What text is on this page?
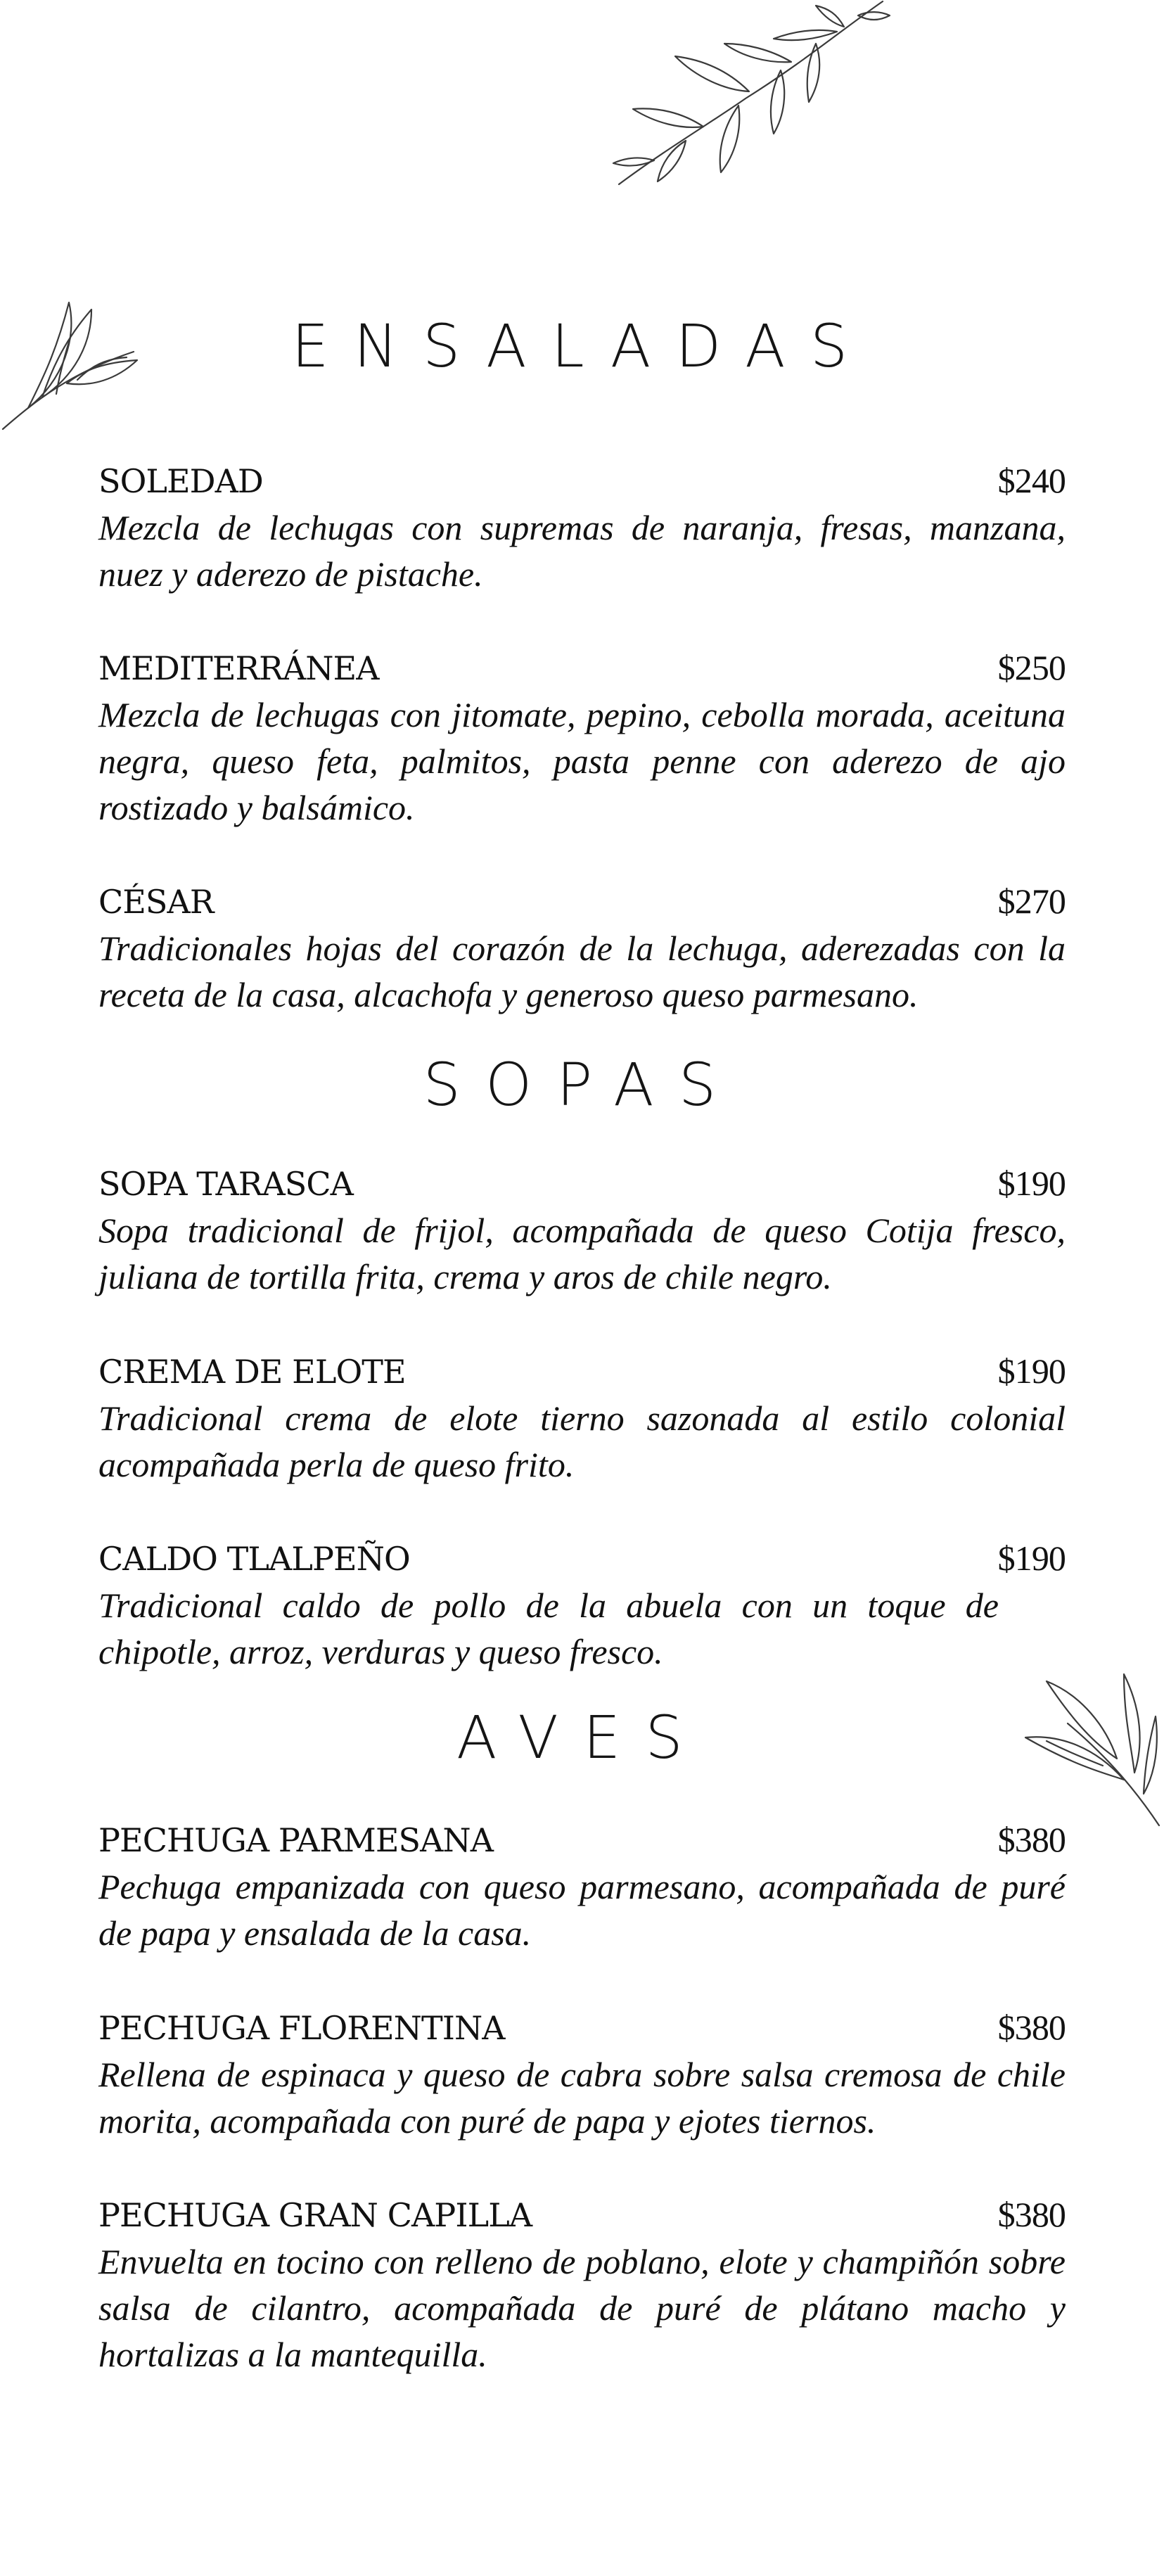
ENSALADAS
SOLEDAD	$240

Mezcla de lechugas con supremas de naranja, fresas, manzana, nuez y aderezo de pistache.

MEDITERRÁNEA	$250

Mezcla de lechugas con jitomate, pepino, cebolla morada, aceituna negra, queso feta, palmitos, pasta penne con aderezo de ajo rostizado y balsámico.

CÉSAR	$270

Tradicionales hojas del corazón de la lechuga, aderezadas con la receta de la casa, alcachofa y generoso queso parmesano.

SOPAS
SOPA TARASCA	$190

Sopa tradicional de frijol, acompañada de queso Cotija fresco, juliana de tortilla frita, crema y aros de chile negro.

CREMA DE ELOTE	$190

Tradicional crema de elote tierno sazonada al estilo colonial acompañada perla de queso frito.

CALDO TLALPEÑO	$190

Tradicional caldo de pollo de la abuela con un toque de chipotle, arroz, verduras y queso fresco.

AVES
PECHUGA PARMESANA	$380

Pechuga empanizada con queso parmesano, acompañada de puré de papa y ensalada de la casa.

PECHUGA FLORENTINA	$380

Rellena de espinaca y queso de cabra sobre salsa cremosa de chile morita, acompañada con puré de papa y ejotes tiernos.

PECHUGA GRAN CAPILLA	$380

Envuelta en tocino con relleno de poblano, elote y champiñón sobre salsa de cilantro, acompañada de puré de plátano macho y hortalizas a la mantequilla.
